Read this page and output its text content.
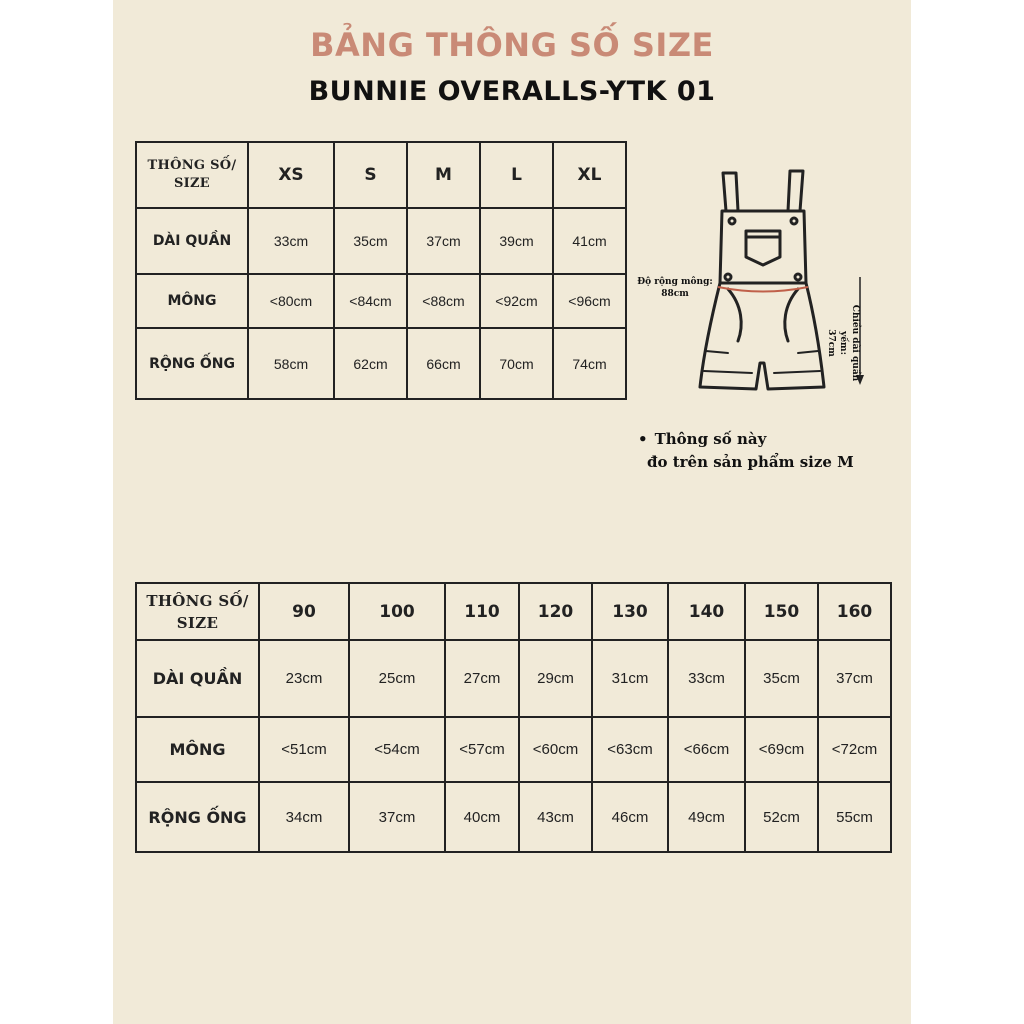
BẢNG THÔNG SỐ SIZE
BUNNIE OVERALLS-YTK 01
THÔNG SỐ/
SIZE	XS	S	M	L	XL
DÀI QUẦN	33cm	35cm	37cm	39cm	41cm
MÔNG	<80cm	<84cm	<88cm	<92cm	<96cm
RỘNG ỐNG	58cm	62cm	66cm	70cm	74cm
Độ rộng mông:
88cm
Chiều dài quần yếm:
37cm
• Thông số này
đo trên sản phẩm size M
THÔNG SỐ/
SIZE	90	100	110	120	130	140	150	160
DÀI QUẦN	23cm	25cm	27cm	29cm	31cm	33cm	35cm	37cm
MÔNG	<51cm	<54cm	<57cm	<60cm	<63cm	<66cm	<69cm	<72cm
RỘNG ỐNG	34cm	37cm	40cm	43cm	46cm	49cm	52cm	55cm
